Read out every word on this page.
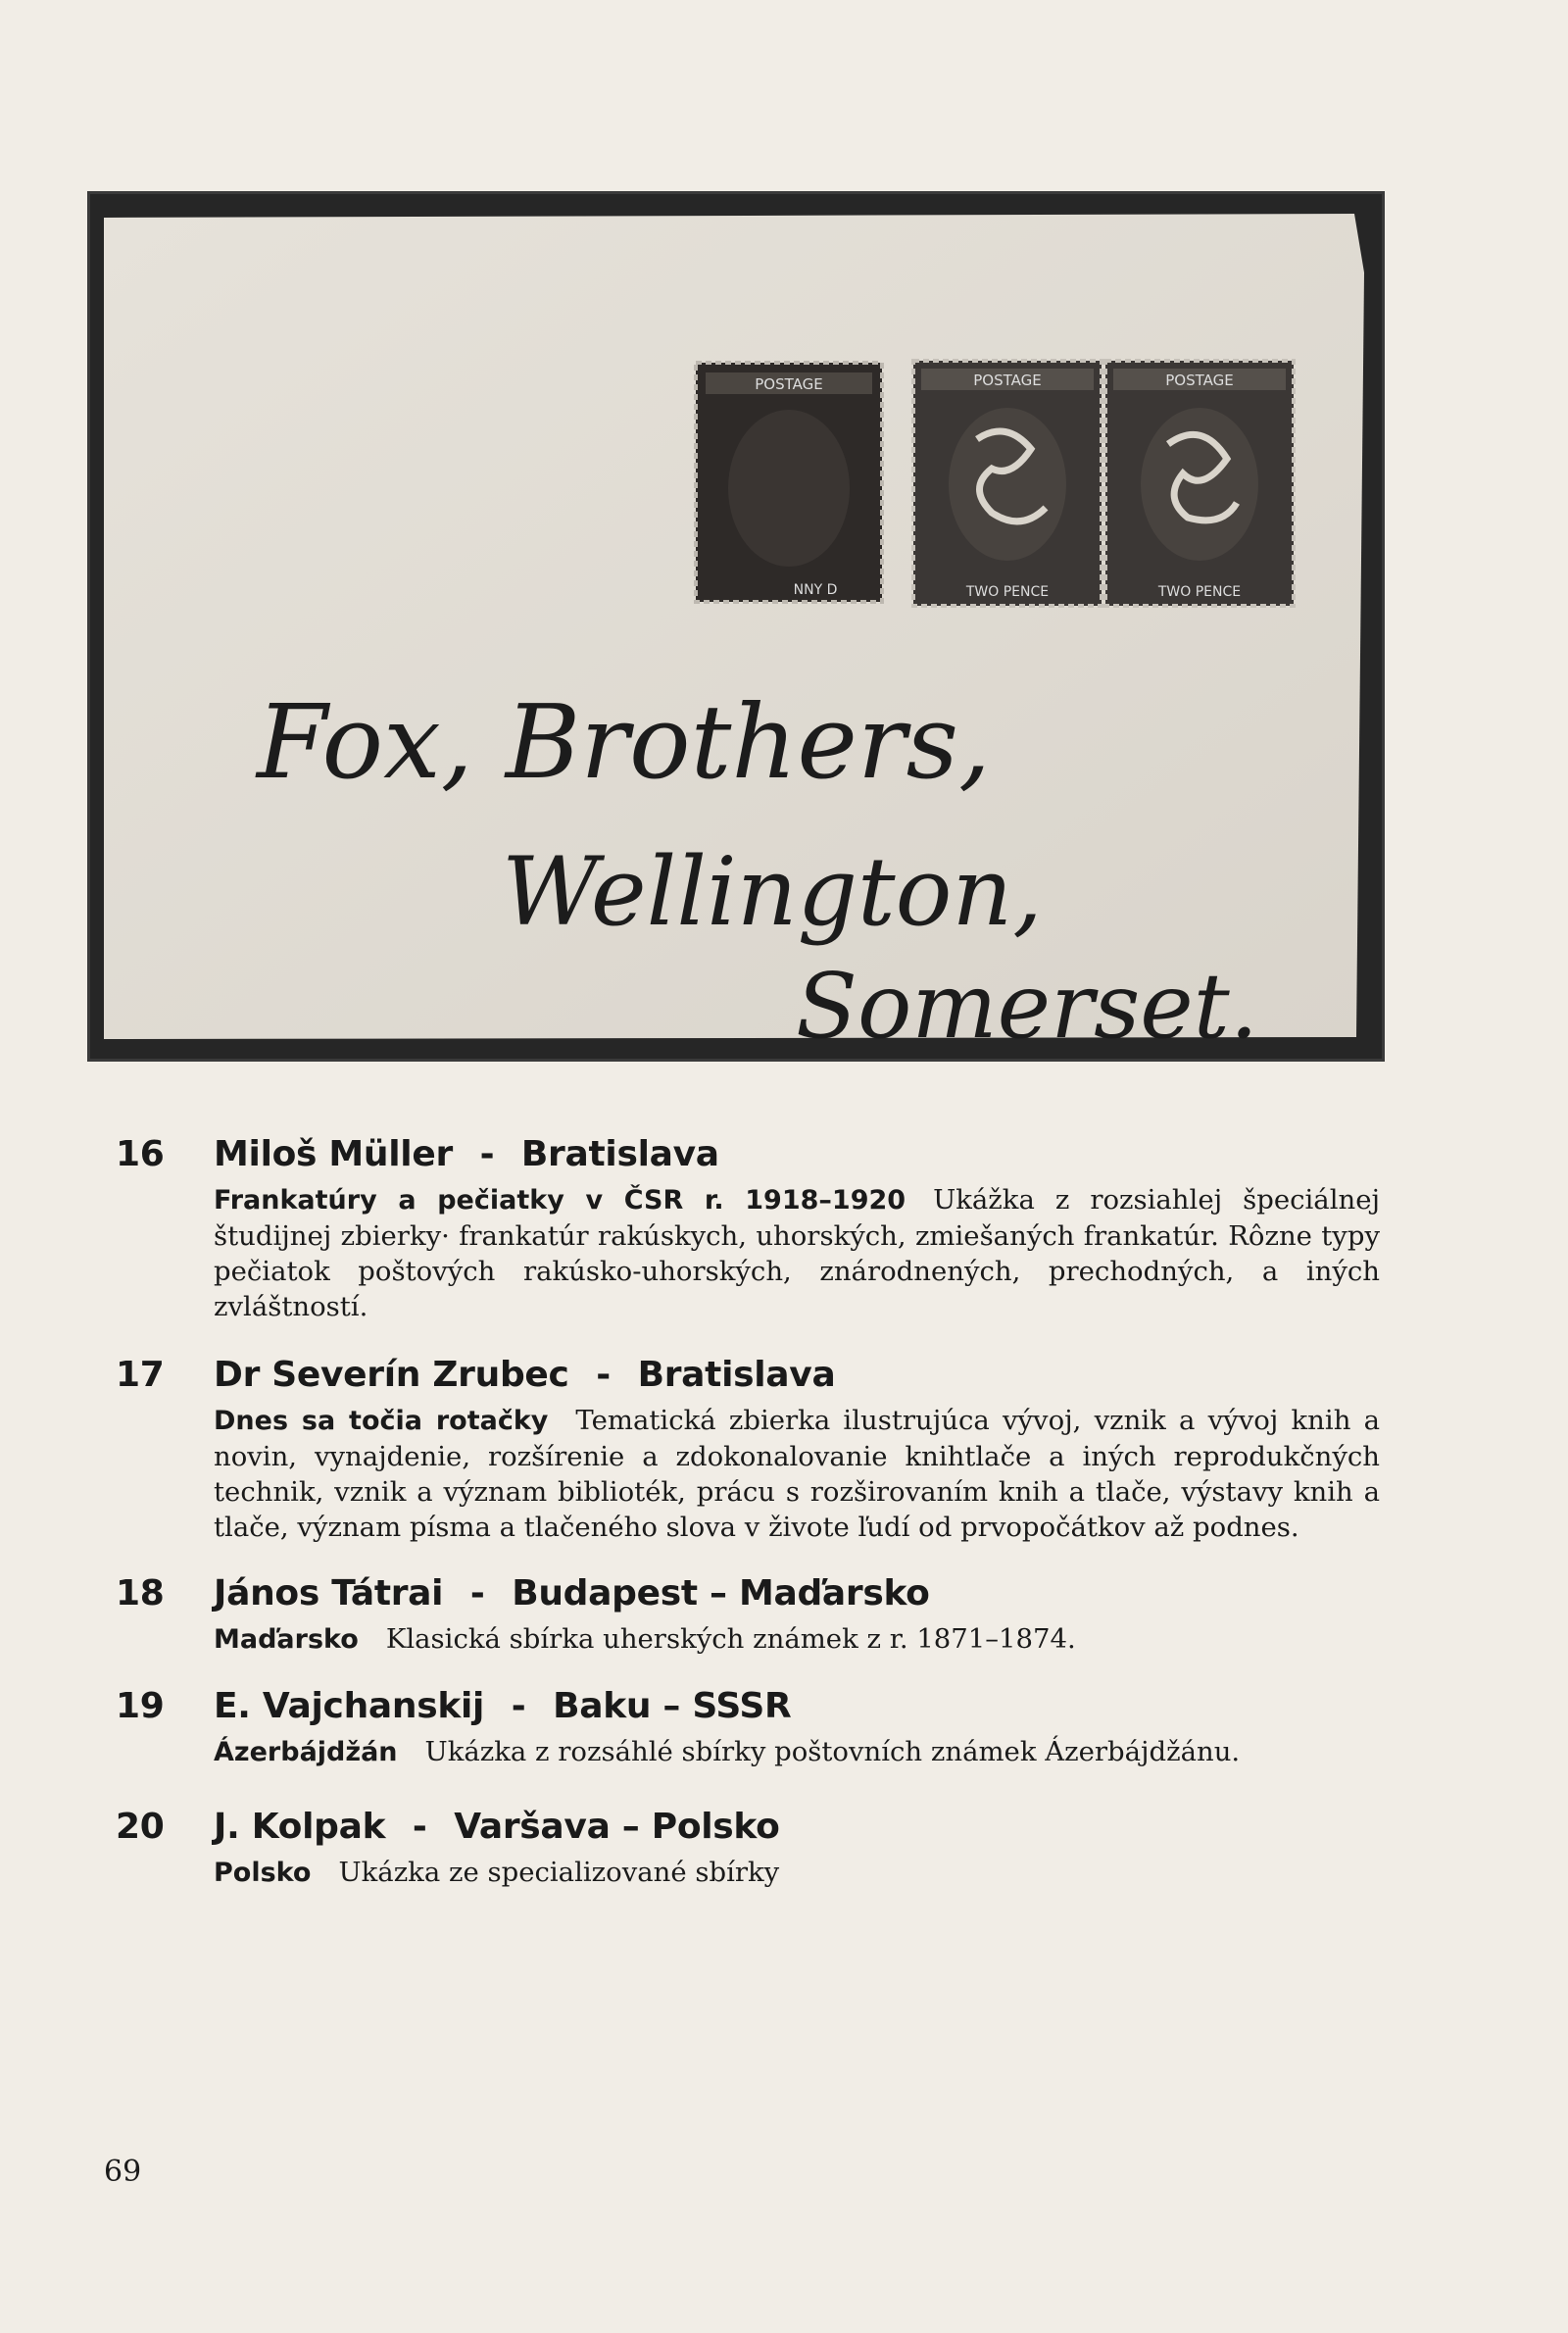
POSTAGE
NNY D
POSTAGE
TWO PENCE
POSTAGE
TWO PENCE
Fox, Brothers,
Wellington,
Somerset.
16 Miloš Müller - Bratislava
Frankatúry a pečiatky v ČSR r. 1918–1920 Ukážka z rozsiahlej špeciálnej študijnej zbierky· frankatúr rakúskych, uhorských, zmiešaných frankatúr. Rôzne typy pečiatok poštových rakúsko-uhorských, znárodnených, prechodných, a iných zvláštností.
17 Dr Severín Zrubec - Bratislava
Dnes sa točia rotačky Tematická zbierka ilustrujúca vývoj, vznik a vývoj knih a novin, vynajdenie, rozšírenie a zdokonalovanie knihtlače a iných reprodukčných technik, vznik a význam biblioték, prácu s rozširovaním knih a tlače, výstavy knih a tlače, význam písma a tlačeného slova v živote ľudí od prvopočátkov až podnes.
18 János Tátrai - Budapest – Maďarsko
Maďarsko Klasická sbírka uherských známek z r. 1871–1874.
19 E. Vajchanskij - Baku – SSSR
Ázerbájdžán Ukázka z rozsáhlé sbírky poštovních známek Ázerbájdžánu.
20 J. Kolpak - Varšava – Polsko
Polsko Ukázka ze specializované sbírky
69
